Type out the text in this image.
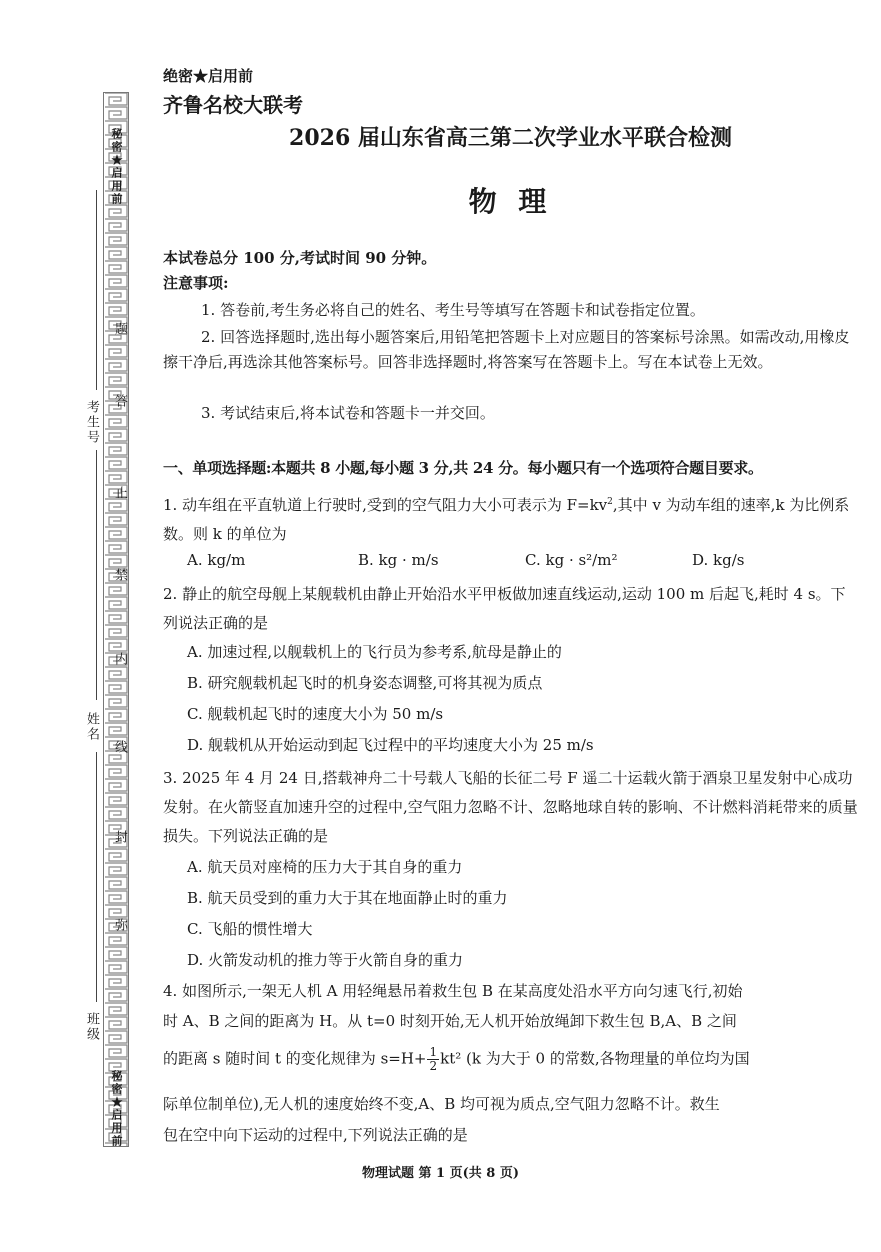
秘密★启用前
秘密★启用前
题
答
止
禁
内
线
封
弥
考生号
姓名
班级
绝密★启用前
齐鲁名校大联考
2026 届山东省高三第二次学业水平联合检测
物 理
本试卷总分 100 分,考试时间 90 分钟。
注意事项:
1. 答卷前,考生务必将自己的姓名、考生号等填写在答题卡和试卷指定位置。
2. 回答选择题时,选出每小题答案后,用铅笔把答题卡上对应题目的答案标号涂黑。如需改动,用橡皮擦干净后,再选涂其他答案标号。回答非选择题时,将答案写在答题卡上。写在本试卷上无效。
3. 考试结束后,将本试卷和答题卡一并交回。
一、单项选择题:本题共 8 小题,每小题 3 分,共 24 分。每小题只有一个选项符合题目要求。
1. 动车组在平直轨道上行驶时,受到的空气阻力大小可表示为 $F=kv^2$,其中 v 为动车组的速率,k 为比例系数。则 k 的单位为
A. kg/m	B. kg · m/s	C. kg · s²/m²	D. kg/s
2. 静止的航空母舰上某舰载机由静止开始沿水平甲板做加速直线运动,运动 100 m 后起飞,耗时 4 s。下列说法正确的是
A. 加速过程,以舰载机上的飞行员为参考系,航母是静止的
B. 研究舰载机起飞时的机身姿态调整,可将其视为质点
C. 舰载机起飞时的速度大小为 50 m/s
D. 舰载机从开始运动到起飞过程中的平均速度大小为 25 m/s
3. 2025 年 4 月 24 日,搭载神舟二十号载人飞船的长征二号 F 遥二十运载火箭于酒泉卫星发射中心成功发射。在火箭竖直加速升空的过程中,空气阻力忽略不计、忽略地球自转的影响、不计燃料消耗带来的质量损失。下列说法正确的是
A. 航天员对座椅的压力大于其自身的重力
B. 航天员受到的重力大于其在地面静止时的重力
C. 飞船的惯性增大
D. 火箭发动机的推力等于火箭自身的重力
4. 如图所示,一架无人机 A 用轻绳悬吊着救生包 B 在某高度处沿水平方向匀速飞行,初始
时 A、B 之间的距离为 H。从 t=0 时刻开始,无人机开始放绳卸下救生包 B,A、B 之间
的距离 s 随时间 t 的变化规律为 $s=H+ \frac{1}{2} kt^2$ (k 为大于 0 的常数,各物理量的单位均为国
际单位制单位),无人机的速度始终不变,A、B 均可视为质点,空气阻力忽略不计。救生
包在空中向下运动的过程中,下列说法正确的是
物理试题 第 1 页(共 8 页)
